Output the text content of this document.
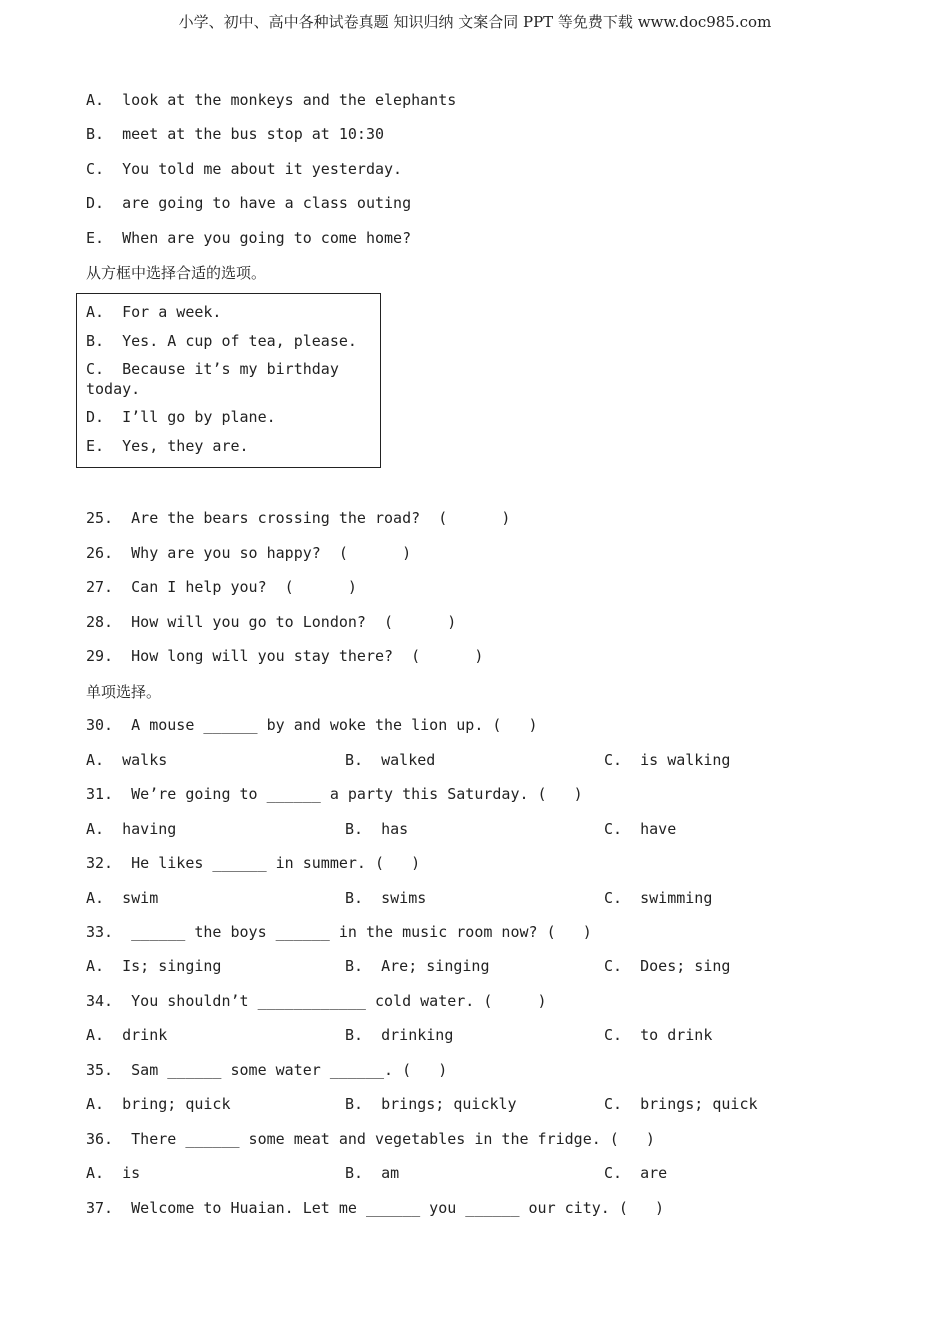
小学、初中、高中各种试卷真题 知识归纳 文案合同 PPT 等免费下载 www.doc985.com
A.  look at the monkeys and the elephants
B.  meet at the bus stop at 10:30
C.  You told me about it yesterday.
D.  are going to have a class outing
E.  When are you going to come home?
从方框中选择合适的选项。
A.  For a week.
B.  Yes. A cup of tea, please.
C.  Because it’s my birthday today.
D.  I’ll go by plane.
E.  Yes, they are.
25.  Are the bears crossing the road?  (      )
26.  Why are you so happy?  (      )
27.  Can I help you?  (      )
28.  How will you go to London?  (      )
29.  How long will you stay there?  (      )
单项选择。
30.  A mouse ______ by and woke the lion up. (   )
A.  walks	B.  walked	C.  is walking
31.  We’re going to ______ a party this Saturday. (   )
A.  having	B.  has	C.  have
32.  He likes ______ in summer. (   )
A.  swim	B.  swims	C.  swimming
33.  ______ the boys ______ in the music room now? (   )
A.  Is; singing	B.  Are; singing	C.  Does; sing
34.  You shouldn’t ____________ cold water. (     )
A.  drink	B.  drinking	C.  to drink
35.  Sam ______ some water ______. (   )
A.  bring; quick	B.  brings; quickly	C.  brings; quick
36.  There ______ some meat and vegetables in the fridge. (   )
A.  is	B.  am	C.  are
37.  Welcome to Huaian. Let me ______ you ______ our city. (   )
